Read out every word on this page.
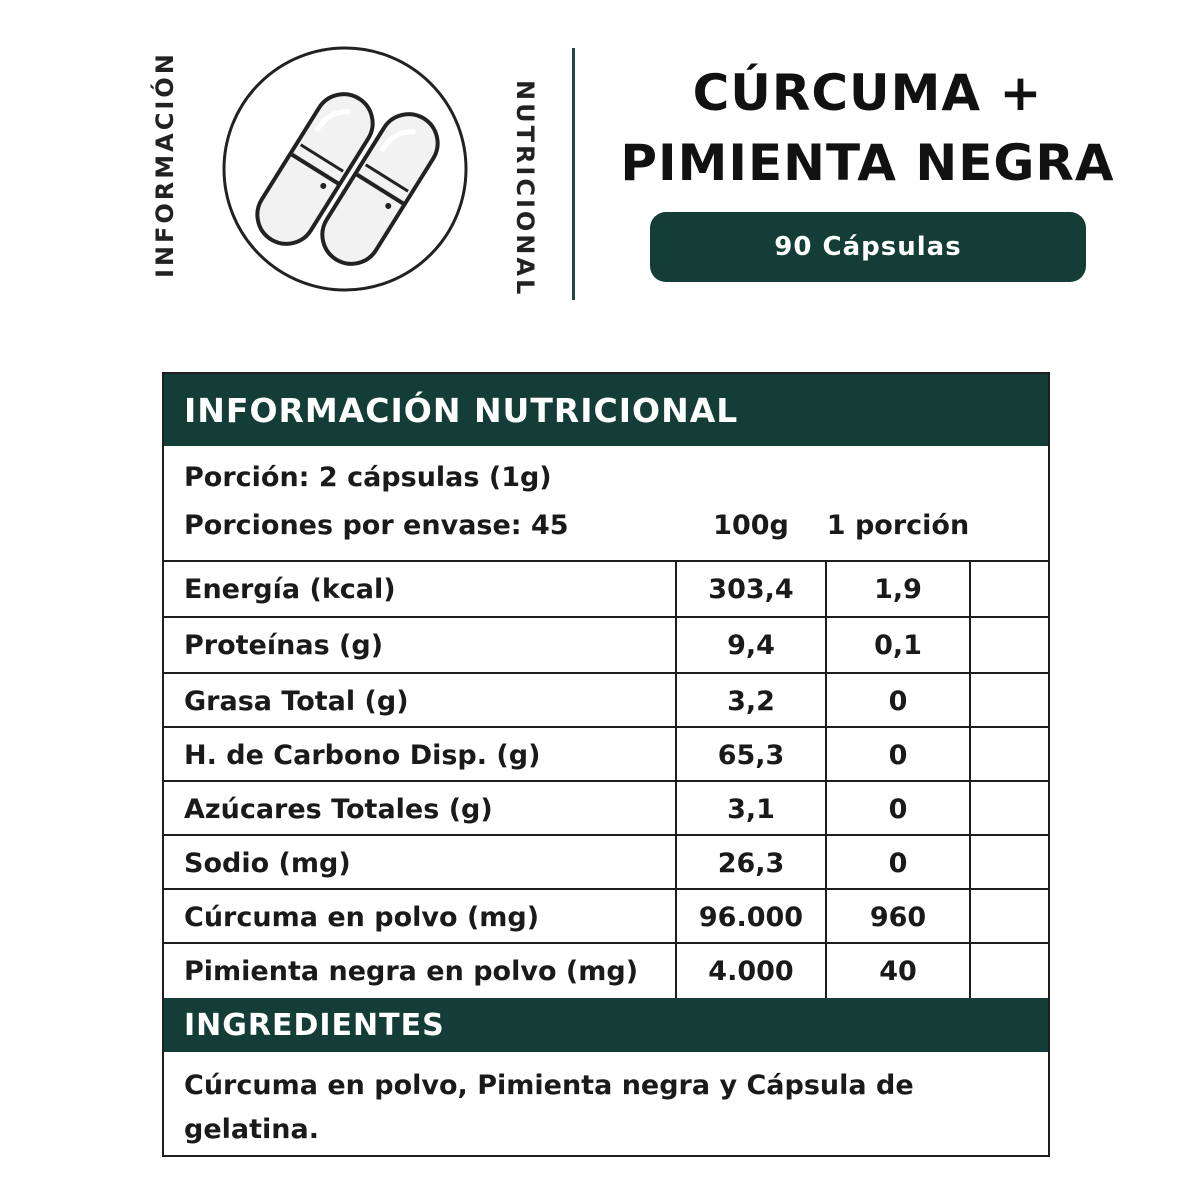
INFORMACIÓN	NUTRICIONAL	CÚRCUMA +
PIMIENTA NEGRA
90 Cápsulas
INFORMACIÓN NUTRICIONAL
Porción: 2 cápsulas (1g)
Porciones por envase: 45	100g	1 porción
Energía (kcal)	303,4	1,9
Proteínas (g)	9,4	0,1
Grasa Total (g)	3,2	0
H. de Carbono Disp. (g)	65,3	0
Azúcares Totales (g)	3,1	0
Sodio (mg)	26,3	0
Cúrcuma en polvo (mg)	96.000	960
Pimienta negra en polvo (mg)	4.000	40
INGREDIENTES
Cúrcuma en polvo, Pimienta negra y Cápsula de gelatina.
